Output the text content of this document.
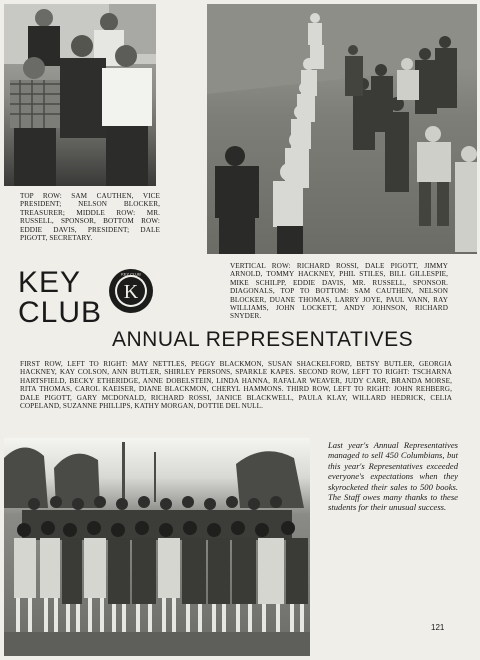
TOP ROW: SAM CAUTHEN, VICE PRESIDENT; NELSON BLOCKER, TREASURER; MIDDLE ROW: MR. RUSSELL, SPONSOR, BOTTOM ROW: EDDIE DAVIS, PRESIDENT; DALE PIGOTT, SECRETARY.
VERTICAL ROW: RICHARD ROSSI, DALE PIGOTT, JIMMY ARNOLD, TOMMY HACKNEY, PHIL STILES, BILL GILLESPIE, MIKE SCHILPP, EDDIE DAVIS, MR. RUSSELL, SPONSOR. DIAGONALS, TOP TO BOTTOM: SAM CAUTHEN, NELSON BLOCKER, DUANE THOMAS, LARRY JOYE, PAUL VANN, RAY WILLIAMS, JOHN LOCKETT, ANDY JOHNSON, RICHARD SNYDER.
KEY CLUB
K
KEY CLUB
ANNUAL REPRESENTATIVES
FIRST ROW, LEFT TO RIGHT: MAY NETTLES, PEGGY BLACKMON, SUSAN SHACKELFORD, BETSY BUTLER, GEORGIA HACKNEY, KAY COLSON, ANN BUTLER, SHIRLEY PERSONS, SPARKLE KAPES. SECOND ROW, LEFT TO RIGHT: TSCHARNA HARTSFIELD, BECKY ETHERIDGE, ANNE DOBELSTEIN, LINDA HANNA, RAFALAR WEAVER, JUDY CARR, BRANDA MORSE, RITA THOMAS, CAROL KAEISER, DIANE BLACKMON, CHERYL HAMMONS. THIRD ROW, LEFT TO RIGHT: JOHN REHBERG, DALE PIGOTT, GARY MCDONALD, RICHARD ROSSI, JANICE BLACKWELL, PAULA KLAY, WILLARD HEDRICK, CELIA COPELAND, SUZANNE PHILLIPS, KATHY MORGAN, DOTTIE DEL NULL.
Last year's Annual Representatives managed to sell 450 Columbians, but this year's Representatives exceeded everyone's expectations when they skyrocketed their sales to 500 books. The Staff owes many thanks to these students for their unusual success.
121
